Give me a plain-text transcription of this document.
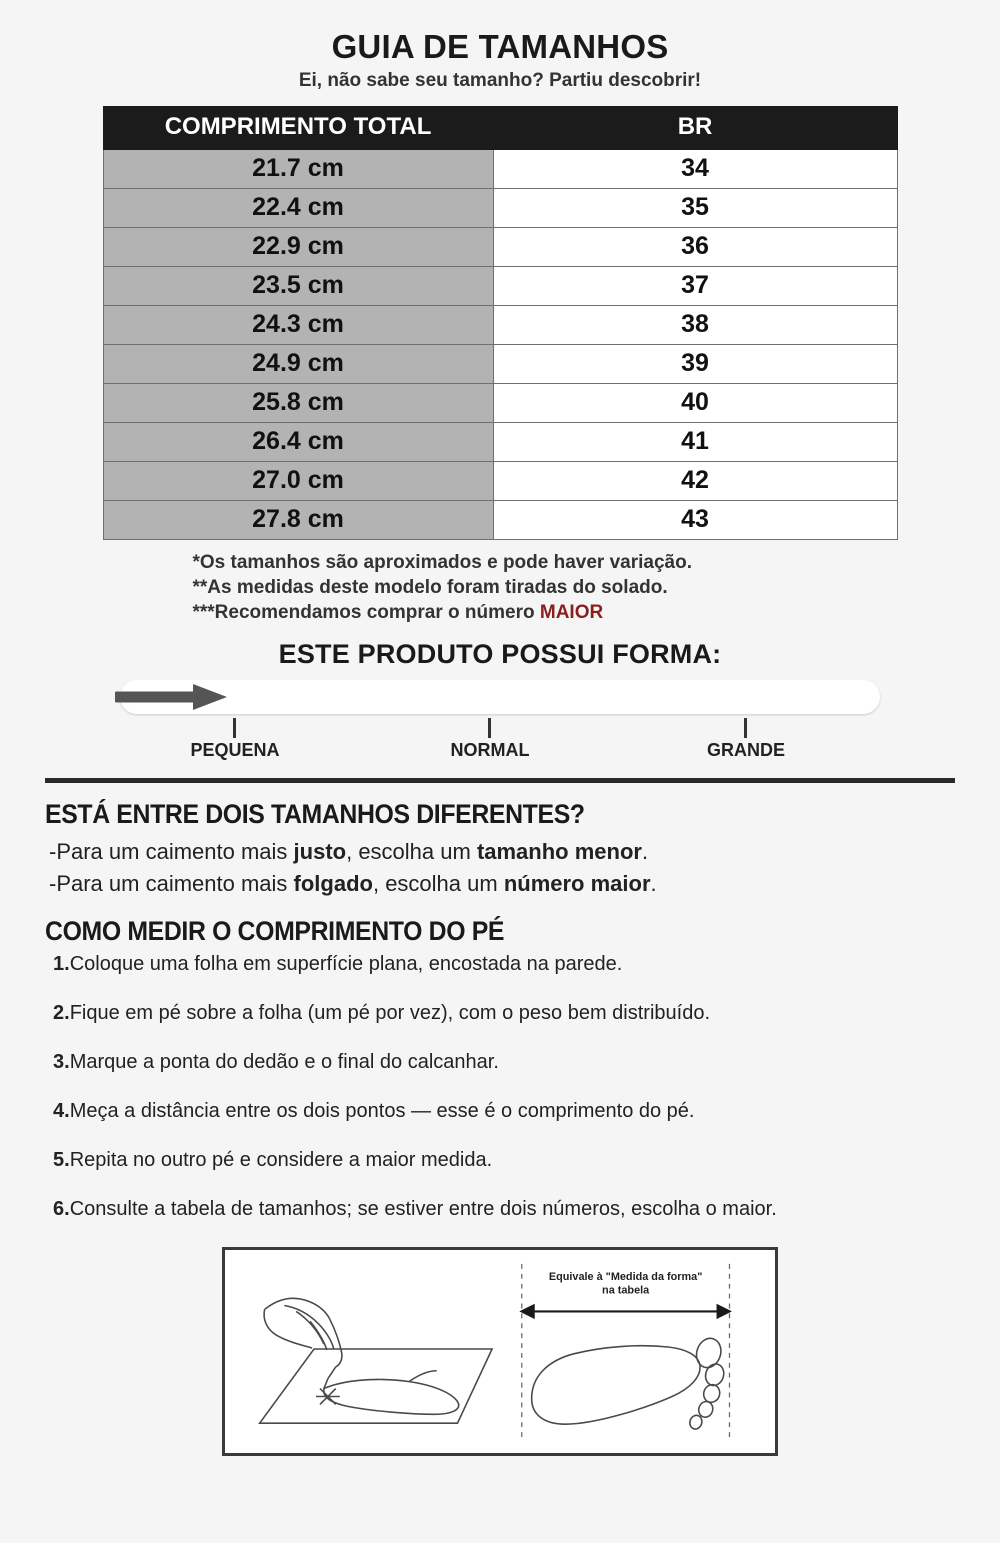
GUIA DE TAMANHOS
Ei, não sabe seu tamanho? Partiu descobrir!
COMPRIMENTO TOTAL	BR
21.7 cm	34
22.4 cm	35
22.9 cm	36
23.5 cm	37
24.3 cm	38
24.9 cm	39
25.8 cm	40
26.4 cm	41
27.0 cm	42
27.8 cm	43
*Os tamanhos são aproximados e pode haver variação.
**As medidas deste modelo foram tiradas do solado.
***Recomendamos comprar o número MAIOR
ESTE PRODUTO POSSUI FORMA:
PEQUENA	NORMAL	GRANDE
ESTÁ ENTRE DOIS TAMANHOS DIFERENTES?
-Para um caimento mais justo, escolha um tamanho menor.
-Para um caimento mais folgado, escolha um número maior.
COMO MEDIR O COMPRIMENTO DO PÉ

1.Coloque uma folha em superfície plana, encostada na parede.

2.Fique em pé sobre a folha (um pé por vez), com o peso bem distribuído.

3.Marque a ponta do dedão e o final do calcanhar.

4.Meça a distância entre os dois pontos — esse é o comprimento do pé.

5.Repita no outro pé e considere a maior medida.

6.Consulte a tabela de tamanhos; se estiver entre dois números, escolha o maior.

Equivale à "Medida da forma"
na tabela
